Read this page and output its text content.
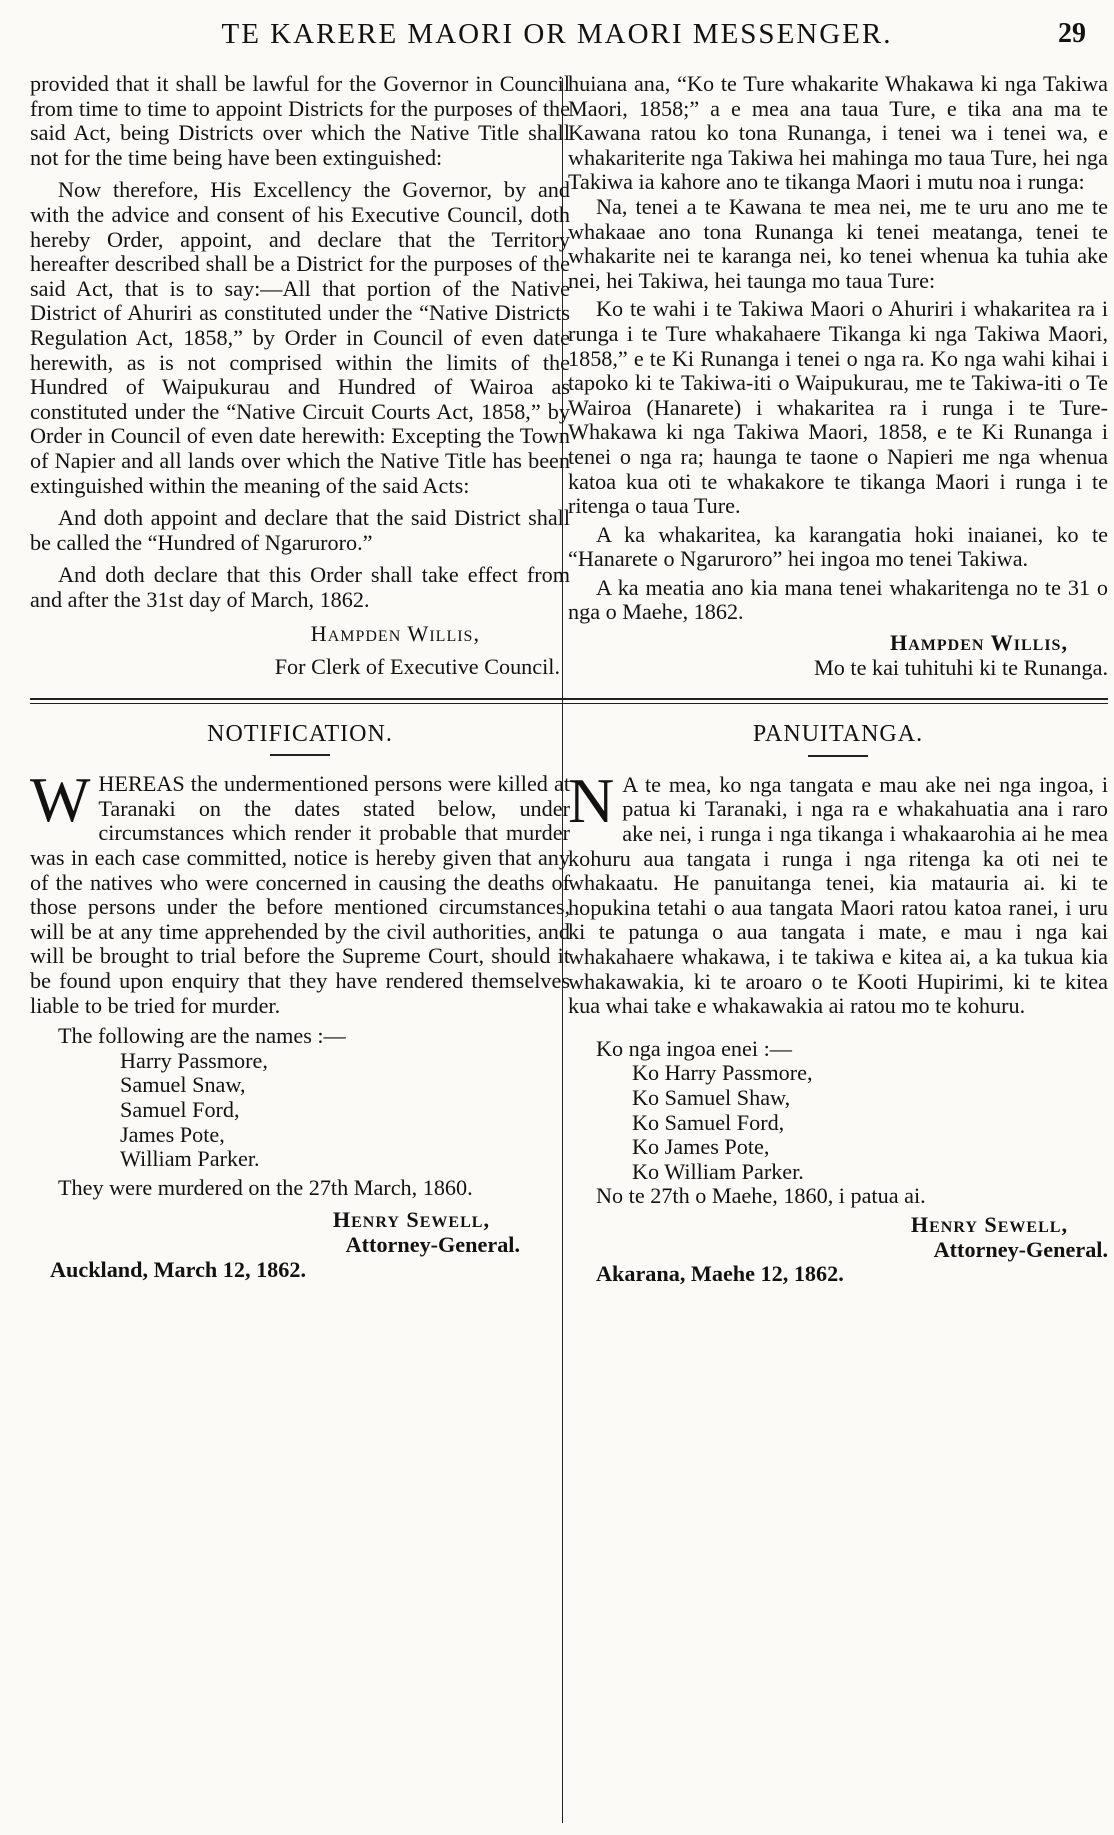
TE KARERE MAORI OR MAORI MESSENGER.	29

provided that it shall be lawful for the Governor in Council from time to time to appoint Districts for the purposes of the said Act, being Districts over which the Native Title shall not for the time being have been extinguished:

Now therefore, His Excellency the Governor, by and with the advice and consent of his Executive Council, doth hereby Order, appoint, and declare that the Territory hereafter described shall be a District for the purposes of the said Act, that is to say:—All that portion of the Native District of Ahuriri as constituted under the “Native Districts Regulation Act, 1858,” by Order in Council of even date herewith, as is not comprised within the limits of the Hundred of Waipukurau and Hundred of Wairoa as constituted under the “Native Circuit Courts Act, 1858,” by Order in Council of even date herewith: Excepting the Town of Napier and all lands over which the Native Title has been extinguished within the meaning of the said Acts:

And doth appoint and declare that the said District shall be called the “Hundred of Ngaruroro.”

And doth declare that this Order shall take effect from and after the 31st day of March, 1862.

Hampden Willis,

For Clerk of Executive Council.

NOTIFICATION.

WHEREAS the undermentioned persons were killed at Taranaki on the dates stated below, under circumstances which render it probable that murder was in each case committed, notice is hereby given that any of the natives who were concerned in causing the deaths of those persons under the before mentioned circumstances, will be at any time apprehended by the civil authorities, and will be brought to trial before the Supreme Court, should it be found upon enquiry that they have rendered themselves liable to be tried for murder.

The following are the names :—

Harry Passmore,

Samuel Snaw,

Samuel Ford,

James Pote,

William Parker.

They were murdered on the 27th March, 1860.

Henry Sewell,

Attorney-General.

Auckland, March 12, 1862.

huiana ana, “Ko te Ture whakarite Whakawa ki nga Takiwa Maori, 1858;” a e mea ana taua Ture, e tika ana ma te Kawana ratou ko tona Runanga, i tenei wa i tenei wa, e whakariterite nga Takiwa hei mahinga mo taua Ture, hei nga Takiwa ia kahore ano te tikanga Maori i mutu noa i runga:

Na, tenei a te Kawana te mea nei, me te uru ano me te whakaae ano tona Runanga ki tenei meatanga, tenei te whakarite nei te karanga nei, ko tenei whenua ka tuhia ake nei, hei Takiwa, hei taunga mo taua Ture:

Ko te wahi i te Takiwa Maori o Ahuriri i whakaritea ra i runga i te Ture whakahaere Tikanga ki nga Takiwa Maori, 1858,” e te Ki Runanga i tenei o nga ra. Ko nga wahi kihai i tapoko ki te Takiwa-iti o Waipukurau, me te Takiwa-iti o Te Wairoa (Hanarete) i whakaritea ra i runga i te Ture-Whakawa ki nga Takiwa Maori, 1858, e te Ki Runanga i tenei o nga ra; haunga te taone o Napieri me nga whenua katoa kua oti te whakakore te tikanga Maori i runga i te ritenga o taua Ture.

A ka whakaritea, ka karangatia hoki inaianei, ko te “Hanarete o Ngaruroro” hei ingoa mo tenei Takiwa.

A ka meatia ano kia mana tenei whakaritenga no te 31 o nga o Maehe, 1862.

Hampden Willis,

Mo te kai tuhituhi ki te Runanga.

PANUITANGA.

N A te mea, ko nga tangata e mau ake nei nga ingoa, i patua ki Taranaki, i nga ra e whakahuatia ana i raro ake nei, i runga i nga tikanga i whakaarohia ai he mea kohuru aua tangata i runga i nga ritenga ka oti nei te whakaatu. He panuitanga tenei, kia matauria ai. ki te hopukina tetahi o aua tangata Maori ratou katoa ranei, i uru ki te patunga o aua tangata i mate, e mau i nga kai whakahaere whakawa, i te takiwa e kitea ai, a ka tukua kia whakawakia, ki te aroaro o te Kooti Hupirimi, ki te kitea kua whai take e whakawakia ai ratou mo te kohuru.

Ko nga ingoa enei :—

Ko Harry Passmore,

Ko Samuel Shaw,

Ko Samuel Ford,

Ko James Pote,

Ko William Parker.

No te 27th o Maehe, 1860, i patua ai.

Henry Sewell,

Attorney-General.

Akarana, Maehe 12, 1862.
